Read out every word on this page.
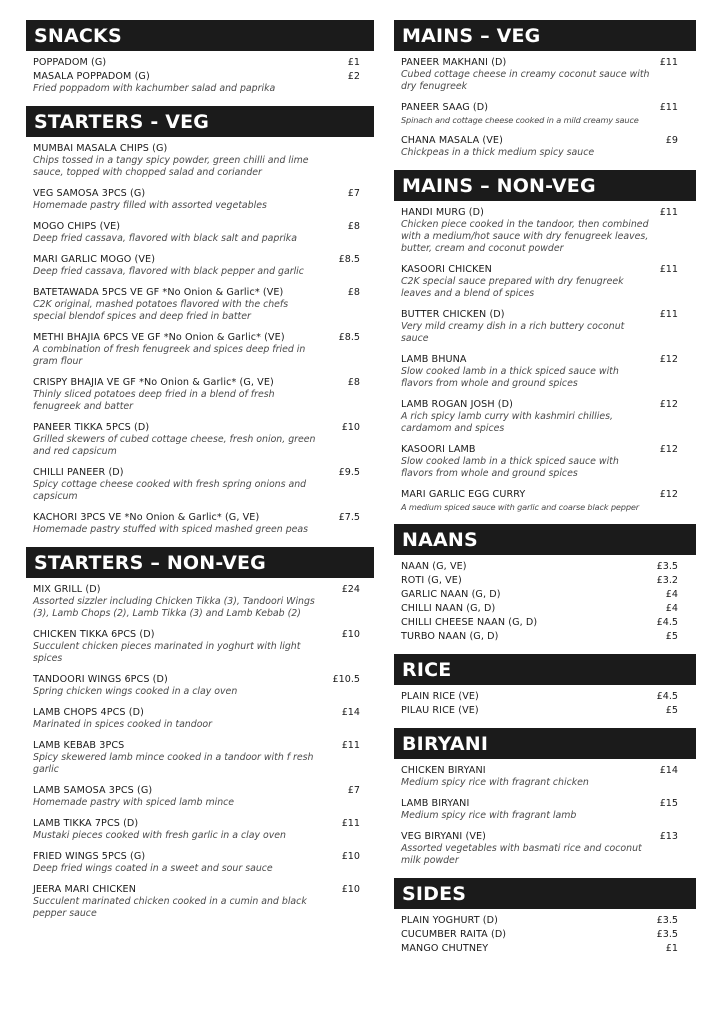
SNACKS
POPPADOM (G)	£1
MASALA POPPADOM (G)	£2
Fried poppadom with kachumber salad and paprika
STARTERS - VEG
MUMBAI MASALA CHIPS (G)
Chips tossed in a tangy spicy powder, green chilli and lime sauce, topped with chopped salad and coriander
VEG SAMOSA 3PCS (G)	£7
Homemade pastry filled with assorted vegetables
MOGO CHIPS (VE)	£8
Deep fried cassava, flavored with black salt and paprika
MARI GARLIC MOGO (VE)	£8.5
Deep fried cassava, flavored with black pepper and garlic
BATETAWADA 5PCS VE GF *No Onion & Garlic* (VE)	£8
C2K original, mashed potatoes flavored with the chefs special blendof spices and deep fried in batter
METHI BHAJIA 6PCS VE GF *No Onion & Garlic* (VE)	£8.5
A combination of fresh fenugreek and spices deep fried in gram flour
CRISPY BHAJIA VE GF *No Onion & Garlic* (G, VE)	£8
Thinly sliced potatoes deep fried in a blend of fresh fenugreek and batter
PANEER TIKKA 5PCS (D)	£10
Grilled skewers of cubed cottage cheese, fresh onion, green and red capsicum
CHILLI PANEER (D)	£9.5
Spicy cottage cheese cooked with fresh spring onions and capsicum
KACHORI 3PCS VE *No Onion & Garlic* (G, VE)	£7.5
Homemade pastry stuffed with spiced mashed green peas
STARTERS – NON-VEG
MIX GRILL (D)	£24
Assorted sizzler including Chicken Tikka (3), Tandoori Wings (3), Lamb Chops (2), Lamb Tikka (3) and Lamb Kebab (2)
CHICKEN TIKKA 6PCS (D)	£10
Succulent chicken pieces marinated in yoghurt with light spices
TANDOORI WINGS 6PCS (D)	£10.5
Spring chicken wings cooked in a clay oven
LAMB CHOPS 4PCS (D)	£14
Marinated in spices cooked in tandoor
LAMB KEBAB 3PCS	£11
Spicy skewered lamb mince cooked in a tandoor with f resh garlic
LAMB SAMOSA 3PCS (G)	£7
Homemade pastry with spiced lamb mince
LAMB TIKKA 7PCS (D)	£11
Mustaki pieces cooked with fresh garlic in a clay oven
FRIED WINGS 5PCS (G)	£10
Deep fried wings coated in a sweet and sour sauce
JEERA MARI CHICKEN	£10
Succulent marinated chicken cooked in a cumin and black pepper sauce
MAINS – VEG
PANEER MAKHANI (D)	£11
Cubed cottage cheese in creamy coconut sauce with dry fenugreek
PANEER SAAG (D)	£11
Spinach and cottage cheese cooked in a mild creamy sauce
CHANA MASALA (VE)	£9
Chickpeas in a thick medium spicy sauce
MAINS – NON-VEG
HANDI MURG (D)	£11
Chicken piece cooked in the tandoor, then combined with a medium/hot sauce with dry fenugreek leaves, butter, cream and coconut powder
KASOORI CHICKEN	£11
C2K special sauce prepared with dry fenugreek leaves and a blend of spices
BUTTER CHICKEN (D)	£11
Very mild creamy dish in a rich buttery coconut sauce
LAMB BHUNA	£12
Slow cooked lamb in a thick spiced sauce with flavors from whole and ground spices
LAMB ROGAN JOSH (D)	£12
A rich spicy lamb curry with kashmiri chillies, cardamom and spices
KASOORI LAMB	£12
Slow cooked lamb in a thick spiced sauce with flavors from whole and ground spices
MARI GARLIC EGG CURRY	£12
A medium spiced sauce with garlic and coarse black pepper
NAANS
NAAN (G, VE)	£3.5
ROTI (G, VE)	£3.2
GARLIC NAAN (G, D)	£4
CHILLI NAAN (G, D)	£4
CHILLI CHEESE NAAN (G, D)	£4.5
TURBO NAAN (G, D)	£5
RICE
PLAIN RICE (VE)	£4.5
PILAU RICE (VE)	£5
BIRYANI
CHICKEN BIRYANI	£14
Medium spicy rice with fragrant chicken
LAMB BIRYANI	£15
Medium spicy rice with fragrant lamb
VEG BIRYANI (VE)	£13
Assorted vegetables with basmati rice and coconut milk powder
SIDES
PLAIN YOGHURT (D)	£3.5
CUCUMBER RAITA (D)	£3.5
MANGO CHUTNEY	£1
